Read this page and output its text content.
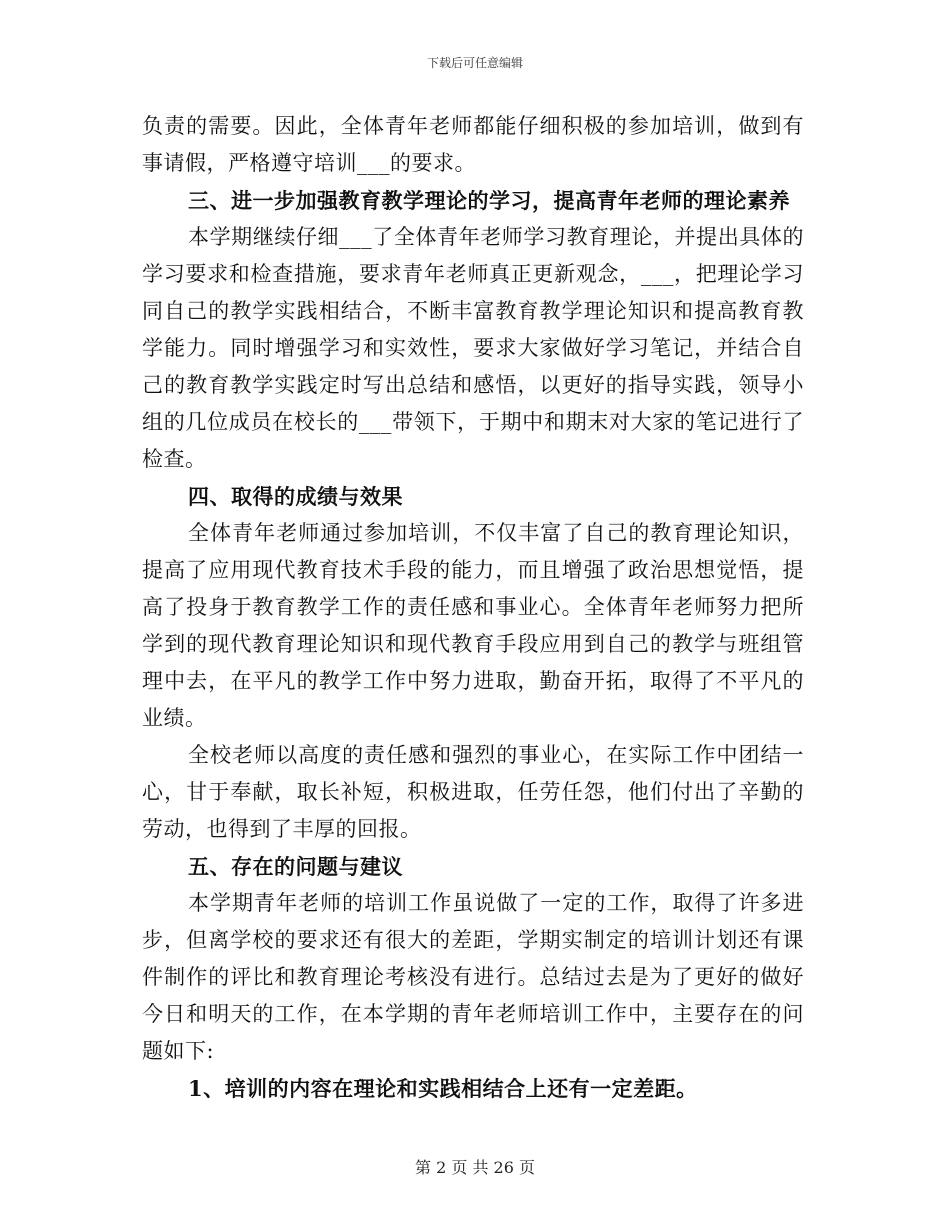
下载后可任意编辑

负责的需要。因此，全体青年老师都能仔细积极的参加培训，做到有事请假，严格遵守培训___的要求。

三、进一步加强教育教学理论的学习，提高青年老师的理论素养

本学期继续仔细___了全体青年老师学习教育理论，并提出具体的学习要求和检查措施，要求青年老师真正更新观念，___，把理论学习同自己的教学实践相结合，不断丰富教育教学理论知识和提高教育教学能力。同时增强学习和实效性，要求大家做好学习笔记，并结合自己的教育教学实践定时写出总结和感悟，以更好的指导实践，领导小组的几位成员在校长的___带领下，于期中和期末对大家的笔记进行了检查。

四、取得的成绩与效果

全体青年老师通过参加培训，不仅丰富了自己的教育理论知识，提高了应用现代教育技术手段的能力，而且增强了政治思想觉悟，提高了投身于教育教学工作的责任感和事业心。全体青年老师努力把所学到的现代教育理论知识和现代教育手段应用到自己的教学与班组管理中去，在平凡的教学工作中努力进取，勤奋开拓，取得了不平凡的业绩。

全校老师以高度的责任感和强烈的事业心，在实际工作中团结一心，甘于奉献，取长补短，积极进取，任劳任怨，他们付出了辛勤的劳动，也得到了丰厚的回报。

五、存在的问题与建议

本学期青年老师的培训工作虽说做了一定的工作，取得了许多进步，但离学校的要求还有很大的差距，学期实制定的培训计划还有课件制作的评比和教育理论考核没有进行。总结过去是为了更好的做好今日和明天的工作，在本学期的青年老师培训工作中，主要存在的问题如下:

1、培训的内容在理论和实践相结合上还有一定差距。

第 2 页 共 26 页
